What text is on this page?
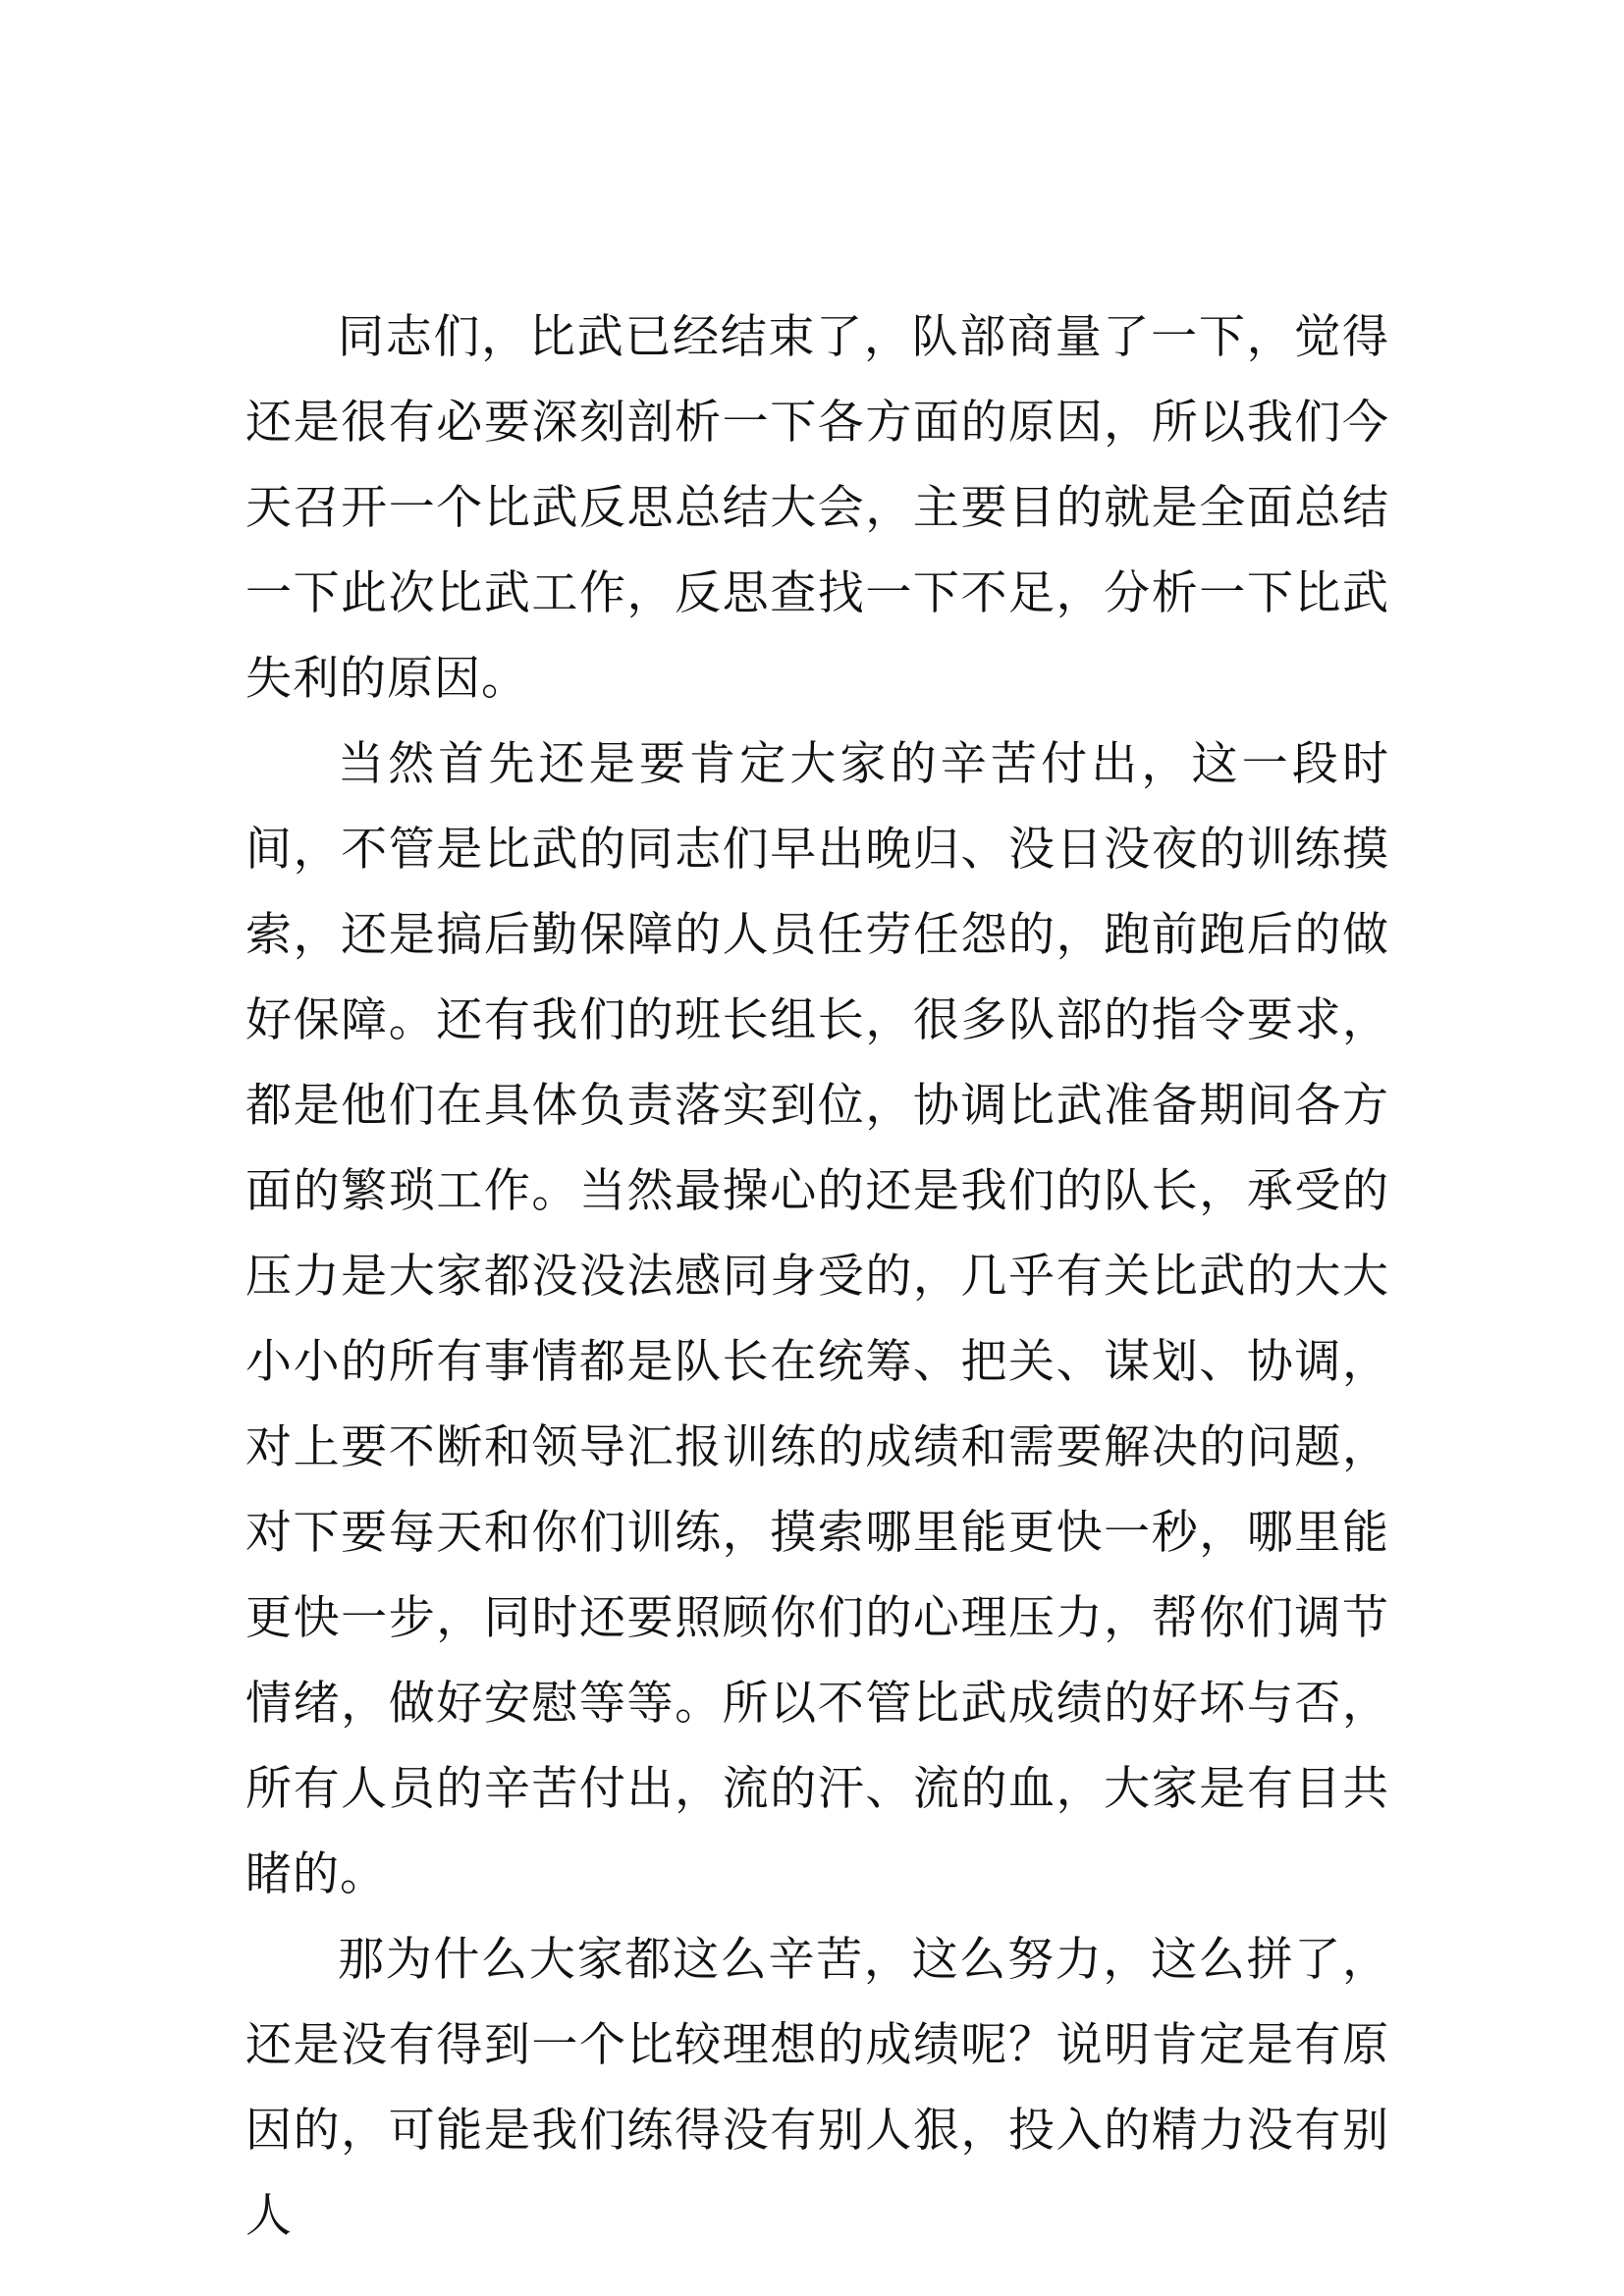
同志们，比武已经结束了，队部商量了一下，觉得还是很有必要深刻剖析一下各方面的原因，所以我们今天召开一个比武反思总结大会，主要目的就是全面总结一下此次比武工作，反思查找一下不足，分析一下比武失利的原因。

当然首先还是要肯定大家的辛苦付出，这一段时间，不管是比武的同志们早出晚归、没日没夜的训练摸索，还是搞后勤保障的人员任劳任怨的，跑前跑后的做好保障。还有我们的班长组长，很多队部的指令要求，都是他们在具体负责落实到位，协调比武准备期间各方面的繁琐工作。当然最操心的还是我们的队长，承受的压力是大家都没没法感同身受的，几乎有关比武的大大小小的所有事情都是队长在统筹、把关、谋划、协调，对上要不断和领导汇报训练的成绩和需要解决的问题，对下要每天和你们训练，摸索哪里能更快一秒，哪里能更快一步，同时还要照顾你们的心理压力，帮你们调节情绪，做好安慰等等。所以不管比武成绩的好坏与否，所有人员的辛苦付出，流的汗、流的血，大家是有目共睹的。

那为什么大家都这么辛苦，这么努力，这么拼了，还是没有得到一个比较理想的成绩呢？说明肯定是有原因的，可能是我们练得没有别人狠，投入的精力没有别人
